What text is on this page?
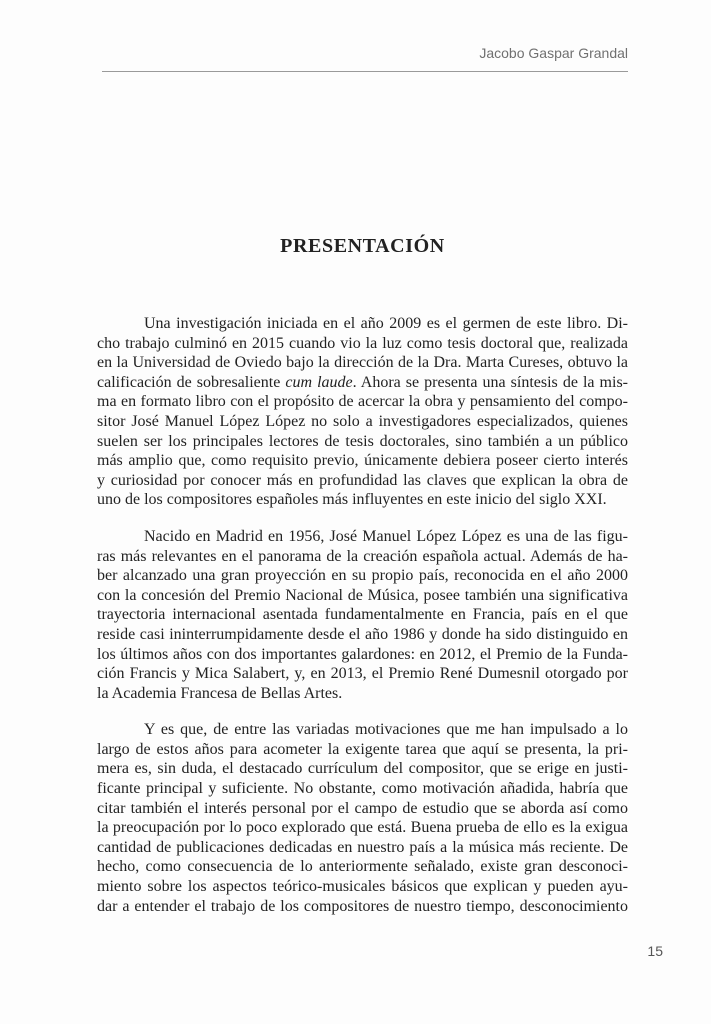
Jacobo Gaspar Grandal
PRESENTACIÓN
Una investigación iniciada en el año 2009 es el germen de este libro. Di-
cho trabajo culminó en 2015 cuando vio la luz como tesis doctoral que, realizada
en la Universidad de Oviedo bajo la dirección de la Dra. Marta Cureses, obtuvo la
calificación de sobresaliente cum laude. Ahora se presenta una síntesis de la mis-
ma en formato libro con el propósito de acercar la obra y pensamiento del compo-
sitor José Manuel López López no solo a investigadores especializados, quienes
suelen ser los principales lectores de tesis doctorales, sino también a un público
más amplio que, como requisito previo, únicamente debiera poseer cierto interés
y curiosidad por conocer más en profundidad las claves que explican la obra de
uno de los compositores españoles más influyentes en este inicio del siglo XXI.
Nacido en Madrid en 1956, José Manuel López López es una de las figu-
ras más relevantes en el panorama de la creación española actual. Además de ha-
ber alcanzado una gran proyección en su propio país, reconocida en el año 2000
con la concesión del Premio Nacional de Música, posee también una significativa
trayectoria internacional asentada fundamentalmente en Francia, país en el que
reside casi ininterrumpidamente desde el año 1986 y donde ha sido distinguido en
los últimos años con dos importantes galardones: en 2012, el Premio de la Funda-
ción Francis y Mica Salabert, y, en 2013, el Premio René Dumesnil otorgado por
la Academia Francesa de Bellas Artes.
Y es que, de entre las variadas motivaciones que me han impulsado a lo
largo de estos años para acometer la exigente tarea que aquí se presenta, la pri-
mera es, sin duda, el destacado currículum del compositor, que se erige en justi-
ficante principal y suficiente. No obstante, como motivación añadida, habría que
citar también el interés personal por el campo de estudio que se aborda así como
la preocupación por lo poco explorado que está. Buena prueba de ello es la exigua
cantidad de publicaciones dedicadas en nuestro país a la música más reciente. De
hecho, como consecuencia de lo anteriormente señalado, existe gran desconoci-
miento sobre los aspectos teórico-musicales básicos que explican y pueden ayu-
dar a entender el trabajo de los compositores de nuestro tiempo, desconocimiento
15
